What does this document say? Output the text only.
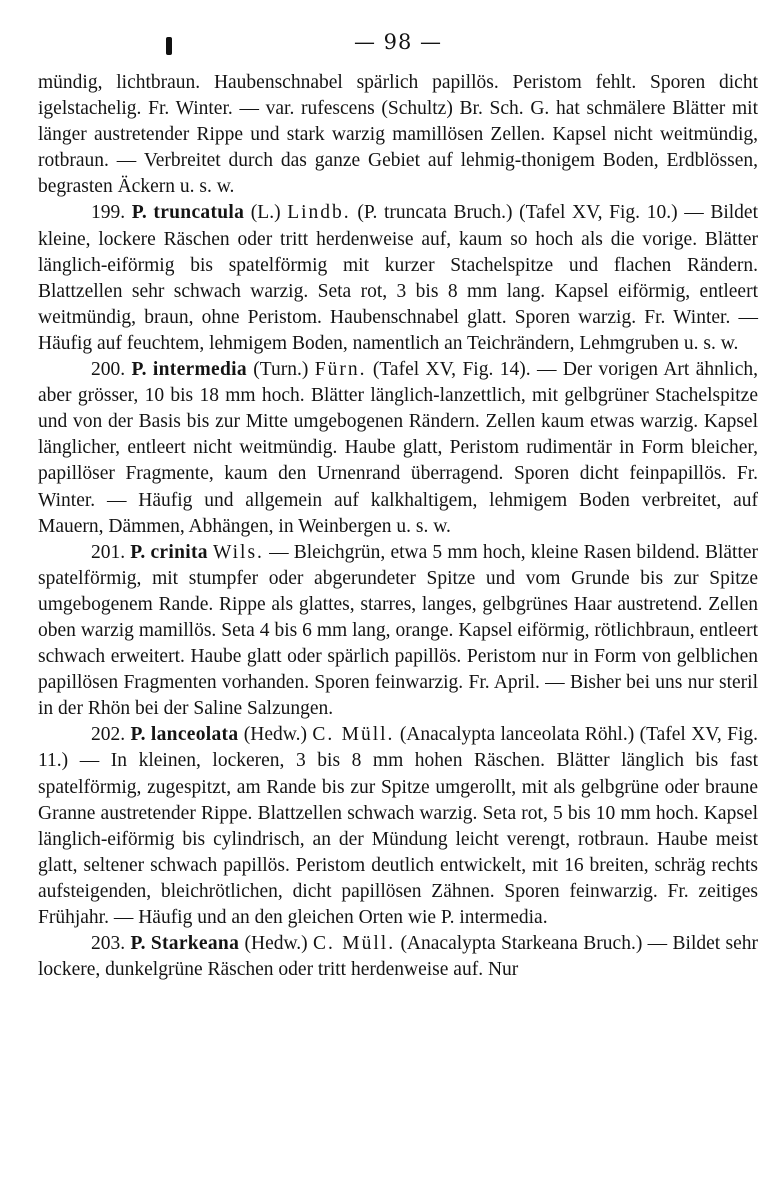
— 98 —

mündig, lichtbraun. Haubenschnabel spärlich papillös. Peristom fehlt. Sporen dicht igelstachelig. Fr. Winter. — var. rufescens (Schultz) Br. Sch. G. hat schmälere Blätter mit länger austretender Rippe und stark warzig mamillösen Zellen. Kapsel nicht weitmündig, rotbraun. — Verbreitet durch das ganze Gebiet auf lehmig-thonigem Boden, Erdblössen, begrasten Äckern u. s. w.

199. P. truncatula (L.) Lindb. (P. truncata Bruch.) (Tafel XV, Fig. 10.) — Bildet kleine, lockere Räschen oder tritt herdenweise auf, kaum so hoch als die vorige. Blätter länglich-eiförmig bis spatelförmig mit kurzer Stachelspitze und flachen Rändern. Blattzellen sehr schwach warzig. Seta rot, 3 bis 8 mm lang. Kapsel eiförmig, entleert weitmündig, braun, ohne Peristom. Haubenschnabel glatt. Sporen warzig. Fr. Winter. — Häufig auf feuchtem, lehmigem Boden, namentlich an Teichrändern, Lehmgruben u. s. w.

200. P. intermedia (Turn.) Fürn. (Tafel XV, Fig. 14). — Der vorigen Art ähnlich, aber grösser, 10 bis 18 mm hoch. Blätter länglich-lanzettlich, mit gelbgrüner Stachelspitze und von der Basis bis zur Mitte umgebogenen Rändern. Zellen kaum etwas warzig. Kapsel länglicher, entleert nicht weitmündig. Haube glatt, Peristom rudimentär in Form bleicher, papillöser Fragmente, kaum den Urnenrand überragend. Sporen dicht feinpapillös. Fr. Winter. — Häufig und allgemein auf kalkhaltigem, lehmigem Boden verbreitet, auf Mauern, Dämmen, Abhängen, in Weinbergen u. s. w.

201. P. crinita Wils. — Bleichgrün, etwa 5 mm hoch, kleine Rasen bildend. Blätter spatelförmig, mit stumpfer oder abgerundeter Spitze und vom Grunde bis zur Spitze umgebogenem Rande. Rippe als glattes, starres, langes, gelbgrünes Haar austretend. Zellen oben warzig mamillös. Seta 4 bis 6 mm lang, orange. Kapsel eiförmig, rötlichbraun, entleert schwach erweitert. Haube glatt oder spärlich papillös. Peristom nur in Form von gelblichen papillösen Fragmenten vorhanden. Sporen feinwarzig. Fr. April. — Bisher bei uns nur steril in der Rhön bei der Saline Salzungen.

202. P. lanceolata (Hedw.) C. Müll. (Anacalypta lanceolata Röhl.) (Tafel XV, Fig. 11.) — In kleinen, lockeren, 3 bis 8 mm hohen Räschen. Blätter länglich bis fast spatelförmig, zugespitzt, am Rande bis zur Spitze umgerollt, mit als gelbgrüne oder braune Granne austretender Rippe. Blattzellen schwach warzig. Seta rot, 5 bis 10 mm hoch. Kapsel länglich-eiförmig bis cylindrisch, an der Mündung leicht verengt, rotbraun. Haube meist glatt, seltener schwach papillös. Peristom deutlich entwickelt, mit 16 breiten, schräg rechts aufsteigenden, bleichrötlichen, dicht papillösen Zähnen. Sporen feinwarzig. Fr. zeitiges Frühjahr. — Häufig und an den gleichen Orten wie P. intermedia.

203. P. Starkeana (Hedw.) C. Müll. (Anacalypta Starkeana Bruch.) — Bildet sehr lockere, dunkelgrüne Räschen oder tritt herdenweise auf. Nur
